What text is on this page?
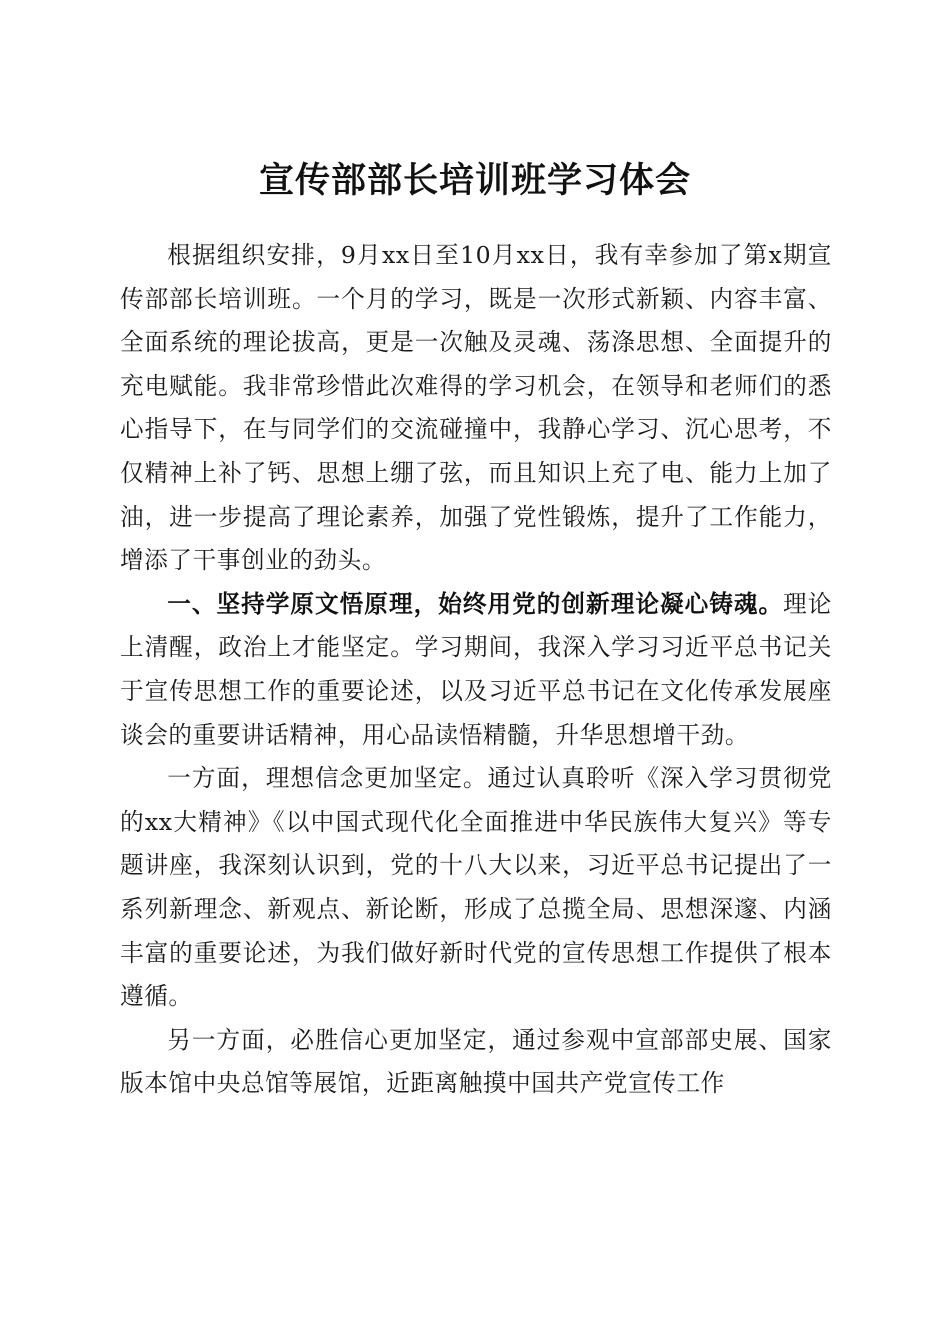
宣传部部长培训班学习体会

根据组织安排，9月xx日至10月xx日，我有幸参加了第x期宣传部部长培训班。一个月的学习，既是一次形式新颖、内容丰富、全面系统的理论拔高，更是一次触及灵魂、荡涤思想、全面提升的充电赋能。我非常珍惜此次难得的学习机会，在领导和老师们的悉心指导下，在与同学们的交流碰撞中，我静心学习、沉心思考，不仅精神上补了钙、思想上绷了弦，而且知识上充了电、能力上加了油，进一步提高了理论素养，加强了党性锻炼，提升了工作能力，增添了干事创业的劲头。

一、坚持学原文悟原理，始终用党的创新理论凝心铸魂。理论上清醒，政治上才能坚定。学习期间，我深入学习习近平总书记关于宣传思想工作的重要论述，以及习近平总书记在文化传承发展座谈会的重要讲话精神，用心品读悟精髓，升华思想增干劲。

一方面，理想信念更加坚定。通过认真聆听《深入学习贯彻党的xx大精神》《以中国式现代化全面推进中华民族伟大复兴》等专题讲座，我深刻认识到，党的十八大以来，习近平总书记提出了一系列新理念、新观点、新论断，形成了总揽全局、思想深邃、内涵丰富的重要论述，为我们做好新时代党的宣传思想工作提供了根本遵循。

另一方面，必胜信心更加坚定，通过参观中宣部部史展、国家版本馆中央总馆等展馆，近距离触摸中国共产党宣传工作
